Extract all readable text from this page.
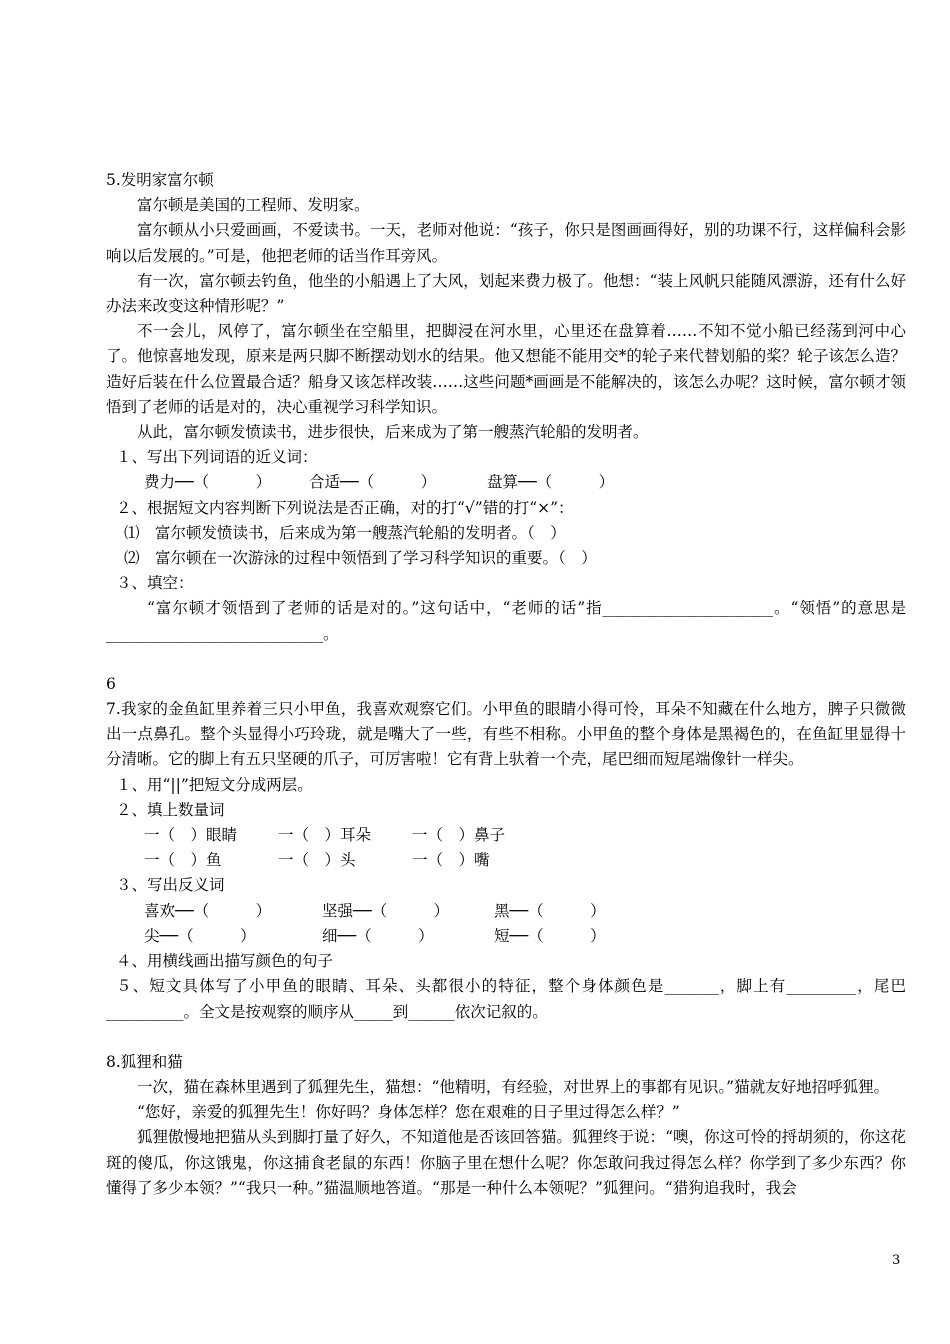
5.发明家富尔顿
富尔顿是美国的工程师、发明家。
富尔顿从小只爱画画，不爱读书。一天，老师对他说：“孩子，你只是图画画得好，别的功课不行，这样偏科会影响以后发展的。”可是，他把老师的话当作耳旁风。
有一次，富尔顿去钓鱼，他坐的小船遇上了大风，划起来费力极了。他想：“装上风帆只能随风漂游，还有什么好办法来改变这种情形呢？”
不一会儿，风停了，富尔顿坐在空船里，把脚浸在河水里，心里还在盘算着……不知不觉小船已经荡到河中心了。他惊喜地发现，原来是两只脚不断摆动划水的结果。他又想能不能用交*的轮子来代替划船的桨？轮子该怎么造？造好后装在什么位置最合适？船身又该怎样改装……这些问题*画画是不能解决的，该怎么办呢？这时候，富尔顿才领悟到了老师的话是对的，决心重视学习科学知识。
从此，富尔顿发愤读书，进步很快，后来成为了第一艘蒸汽轮船的发明者。
１、写出下列词语的近义词：
费力──（　　　）	合适──（　　　）	盘算──（　　　）
２、根据短文内容判断下列说法是否正确，对的打“√”错的打“×”：
⑴　富尔顿发愤读书，后来成为第一艘蒸汽轮船的发明者。（　）
⑵　富尔顿在一次游泳的过程中领悟到了学习科学知识的重要。（　）
３、填空：
“富尔顿才领悟到了老师的话是对的。”这句话中，“老师的话”指______________________。“领悟”的意思是____________________________。
6
7.我家的金鱼缸里养着三只小甲鱼，我喜欢观察它们。小甲鱼的眼睛小得可怜，耳朵不知藏在什么地方，脾子只微微出一点鼻孔。整个头显得小巧玲珑，就是嘴大了一些，有些不相称。小甲鱼的整个身体是黑褐色的，在鱼缸里显得十分清晰。它的脚上有五只坚硬的爪子，可厉害啦！它有背上驮着一个壳，尾巴细而短尾端像针一样尖。
１、用“||”把短文分成两层。
２、填上数量词
一（　）眼睛	一（　）耳朵	一（　）鼻子
一（　）鱼	一（　）头	一（　）嘴
３、写出反义词
喜欢──（　　　）	坚强──（　　　）	黑──（　　　）
尖──（　　　）	细──（　　　）	短──（　　　）
４、用横线画出描写颜色的句子
５、短文具体写了小甲鱼的眼睛、耳朵、头都很小的特征，整个身体颜色是_______，脚上有_________，尾巴__________。全文是按观察的顺序从_____到______依次记叙的。
8.狐狸和猫
一次，猫在森林里遇到了狐狸先生，猫想：“他精明，有经验，对世界上的事都有见识。”猫就友好地招呼狐狸。
“您好，亲爱的狐狸先生！你好吗？身体怎样？您在艰难的日子里过得怎么样？”
狐狸傲慢地把猫从头到脚打量了好久，不知道他是否该回答猫。狐狸终于说：“噢，你这可怜的捋胡须的，你这花斑的傻瓜，你这饿鬼，你这捕食老鼠的东西！你脑子里在想什么呢？你怎敢问我过得怎么样？你学到了多少东西？你懂得了多少本领？”“我只一种。”猫温顺地答道。“那是一种什么本领呢？”狐狸问。“猎狗追我时，我会
3
